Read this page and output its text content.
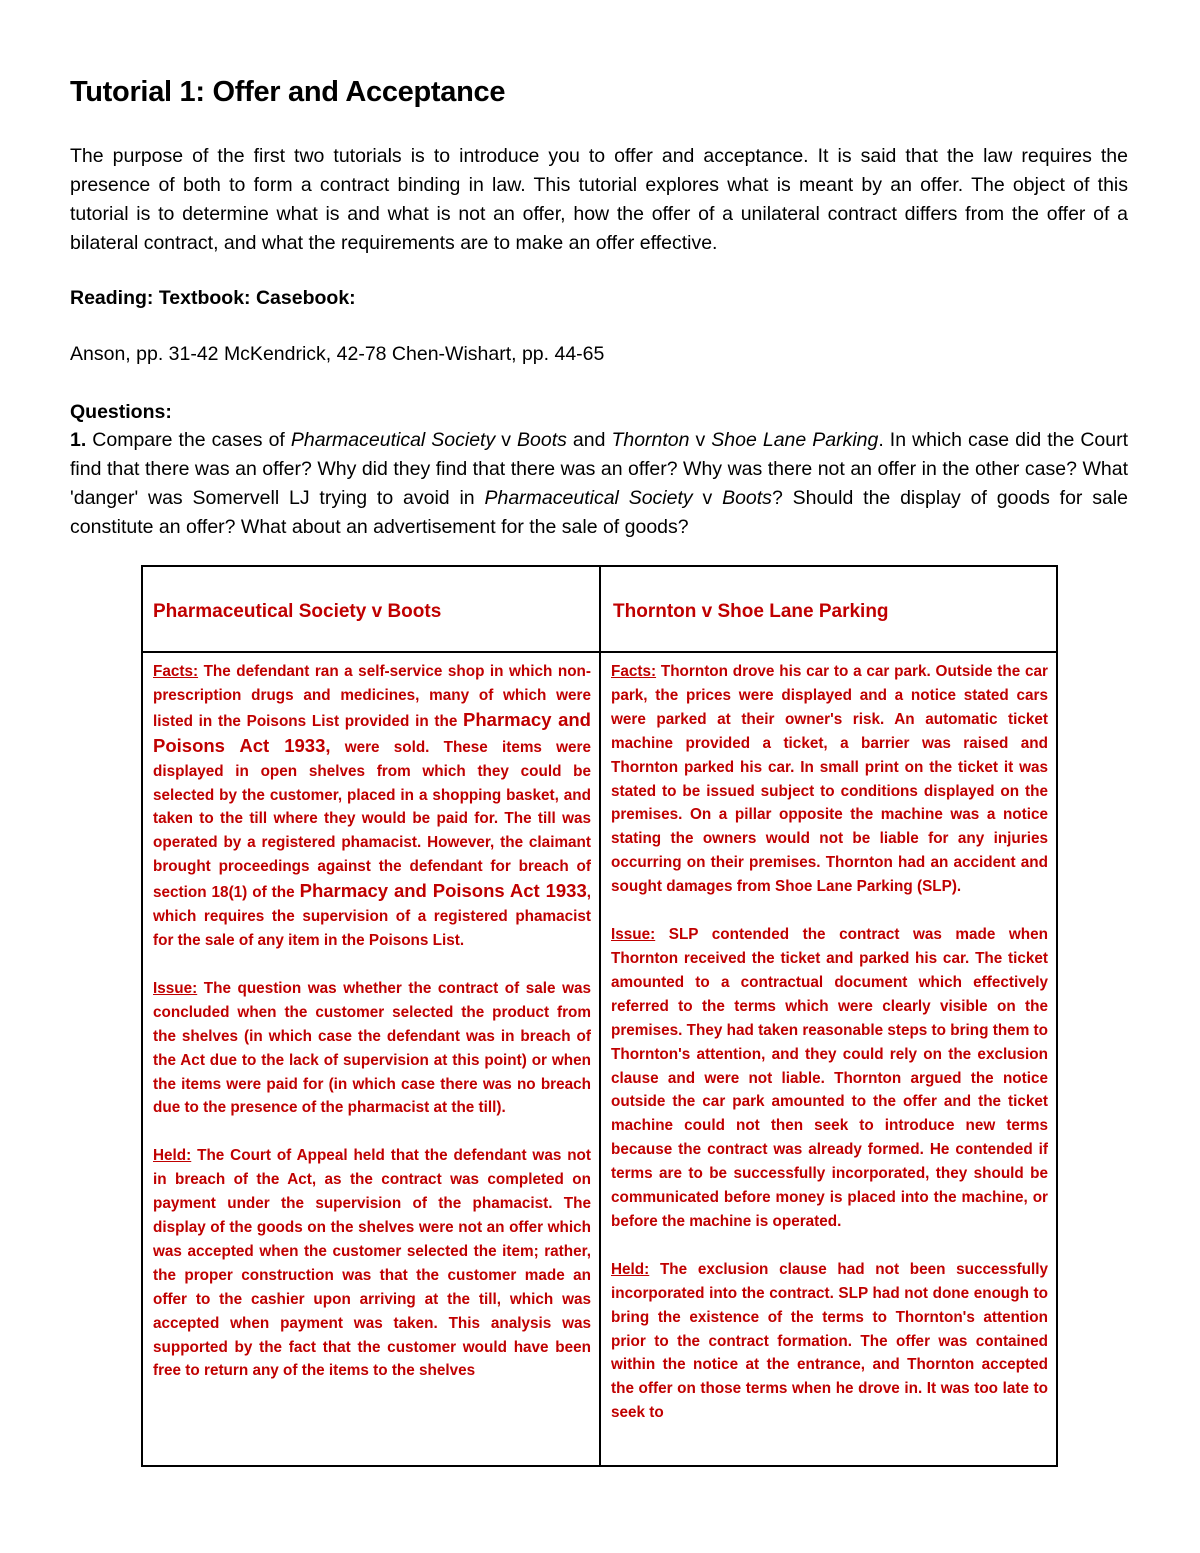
Tutorial 1: Offer and Acceptance

The purpose of the first two tutorials is to introduce you to offer and acceptance. It is said that the law requires the presence of both to form a contract binding in law. This tutorial explores what is meant by an offer. The object of this tutorial is to determine what is and what is not an offer, how the offer of a unilateral contract differs from the offer of a bilateral contract, and what the requirements are to make an offer effective.

Reading: Textbook: Casebook:

Anson, pp. 31-42 McKendrick, 42-78 Chen-Wishart, pp. 44-65

Questions:

1. Compare the cases of Pharmaceutical Society v Boots and Thornton v Shoe Lane Parking. In which case did the Court find that there was an offer? Why did they find that there was an offer? Why was there not an offer in the other case? What 'danger' was Somervell LJ trying to avoid in Pharmaceutical Society v Boots? Should the display of goods for sale constitute an offer? What about an advertisement for the sale of goods?

Pharmaceutical Society v Boots	Thornton v Shoe Lane Parking

Facts: The defendant ran a self-service shop in which non-prescription drugs and medicines, many of which were listed in the Poisons List provided in the Pharmacy and Poisons Act 1933, were sold. These items were displayed in open shelves from which they could be selected by the customer, placed in a shopping basket, and taken to the till where they would be paid for. The till was operated by a registered phamacist. However, the claimant brought proceedings against the defendant for breach of section 18(1) of the Pharmacy and Poisons Act 1933, which requires the supervision of a registered phamacist for the sale of any item in the Poisons List.

Issue: The question was whether the contract of sale was concluded when the customer selected the product from the shelves (in which case the defendant was in breach of the Act due to the lack of supervision at this point) or when the items were paid for (in which case there was no breach due to the presence of the pharmacist at the till).

Held: The Court of Appeal held that the defendant was not in breach of the Act, as the contract was completed on payment under the supervision of the phamacist. The display of the goods on the shelves were not an offer which was accepted when the customer selected the item; rather, the proper construction was that the customer made an offer to the cashier upon arriving at the till, which was accepted when payment was taken. This analysis was supported by the fact that the customer would have been free to return any of the items to the shelves

Facts: Thornton drove his car to a car park. Outside the car park, the prices were displayed and a notice stated cars were parked at their owner's risk. An automatic ticket machine provided a ticket, a barrier was raised and Thornton parked his car. In small print on the ticket it was stated to be issued subject to conditions displayed on the premises. On a pillar opposite the machine was a notice stating the owners would not be liable for any injuries occurring on their premises. Thornton had an accident and sought damages from Shoe Lane Parking (SLP).

Issue: SLP contended the contract was made when Thornton received the ticket and parked his car. The ticket amounted to a contractual document which effectively referred to the terms which were clearly visible on the premises. They had taken reasonable steps to bring them to Thornton's attention, and they could rely on the exclusion clause and were not liable. Thornton argued the notice outside the car park amounted to the offer and the ticket machine could not then seek to introduce new terms because the contract was already formed. He contended if terms are to be successfully incorporated, they should be communicated before money is placed into the machine, or before the machine is operated.

Held: The exclusion clause had not been successfully incorporated into the contract. SLP had not done enough to bring the existence of the terms to Thornton's attention prior to the contract formation. The offer was contained within the notice at the entrance, and Thornton accepted the offer on those terms when he drove in. It was too late to seek to
